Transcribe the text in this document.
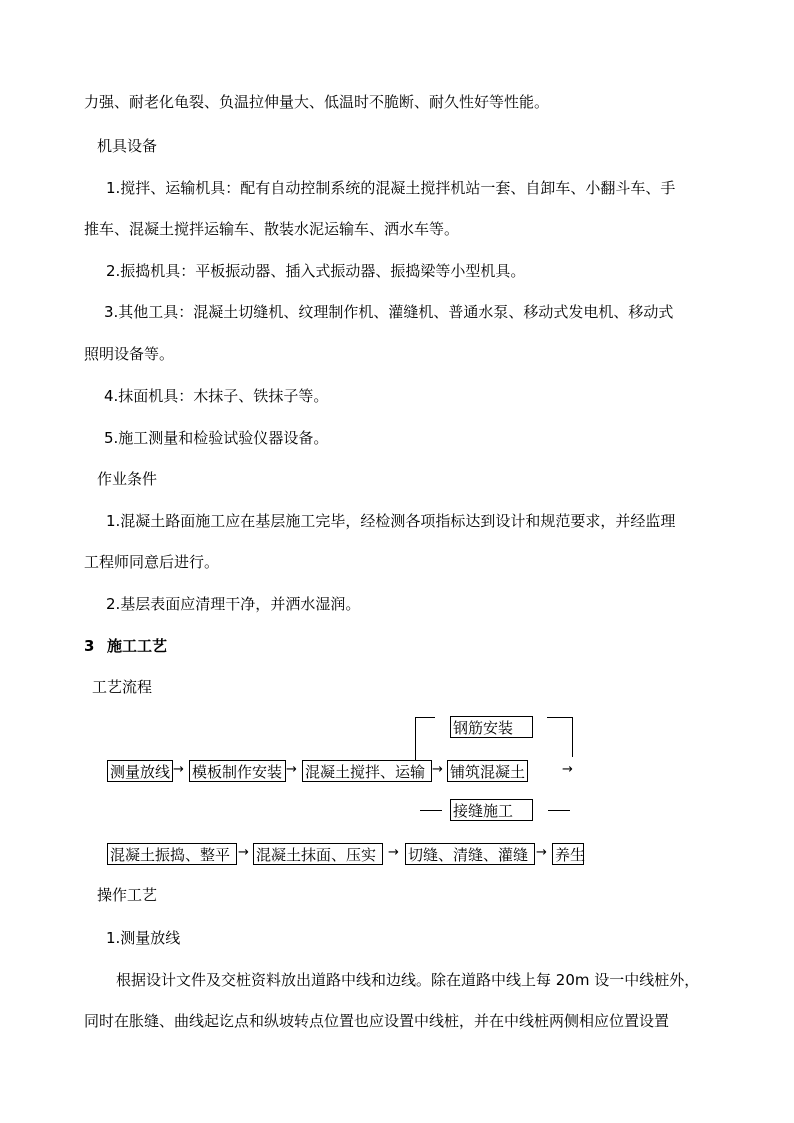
力强、耐老化龟裂、负温拉伸量大、低温时不脆断、耐久性好等性能。
机具设备
1.搅拌、运输机具：配有自动控制系统的混凝土搅拌机站一套、自卸车、小翻斗车、手
推车、混凝土搅拌运输车、散装水泥运输车、洒水车等。
2.振捣机具：平板振动器、插入式振动器、振捣梁等小型机具。
3.其他工具：混凝土切缝机、纹理制作机、灌缝机、普通水泵、移动式发电机、移动式
照明设备等。
4.抹面机具：木抹子、铁抹子等。
5.施工测量和检验试验仪器设备。
作业条件
1.混凝土路面施工应在基层施工完毕，经检测各项指标达到设计和规范要求，并经监理
工程师同意后进行。
2.基层表面应清理干净，并洒水湿润。
3 施工工艺
工艺流程
测量放线 → 模板制作安装 → 混凝土搅拌、运输 → 铺筑混凝土	→
钢筋安装
接缝施工
混凝土振捣、整平 → 混凝土抹面、压实 → 切缝、清缝、灌缝 → 养生
操作工艺
1.测量放线
根据设计文件及交桩资料放出道路中线和边线。除在道路中线上每 20m 设一中线桩外，
同时在胀缝、曲线起讫点和纵坡转点位置也应设置中线桩，并在中线桩两侧相应位置设置
